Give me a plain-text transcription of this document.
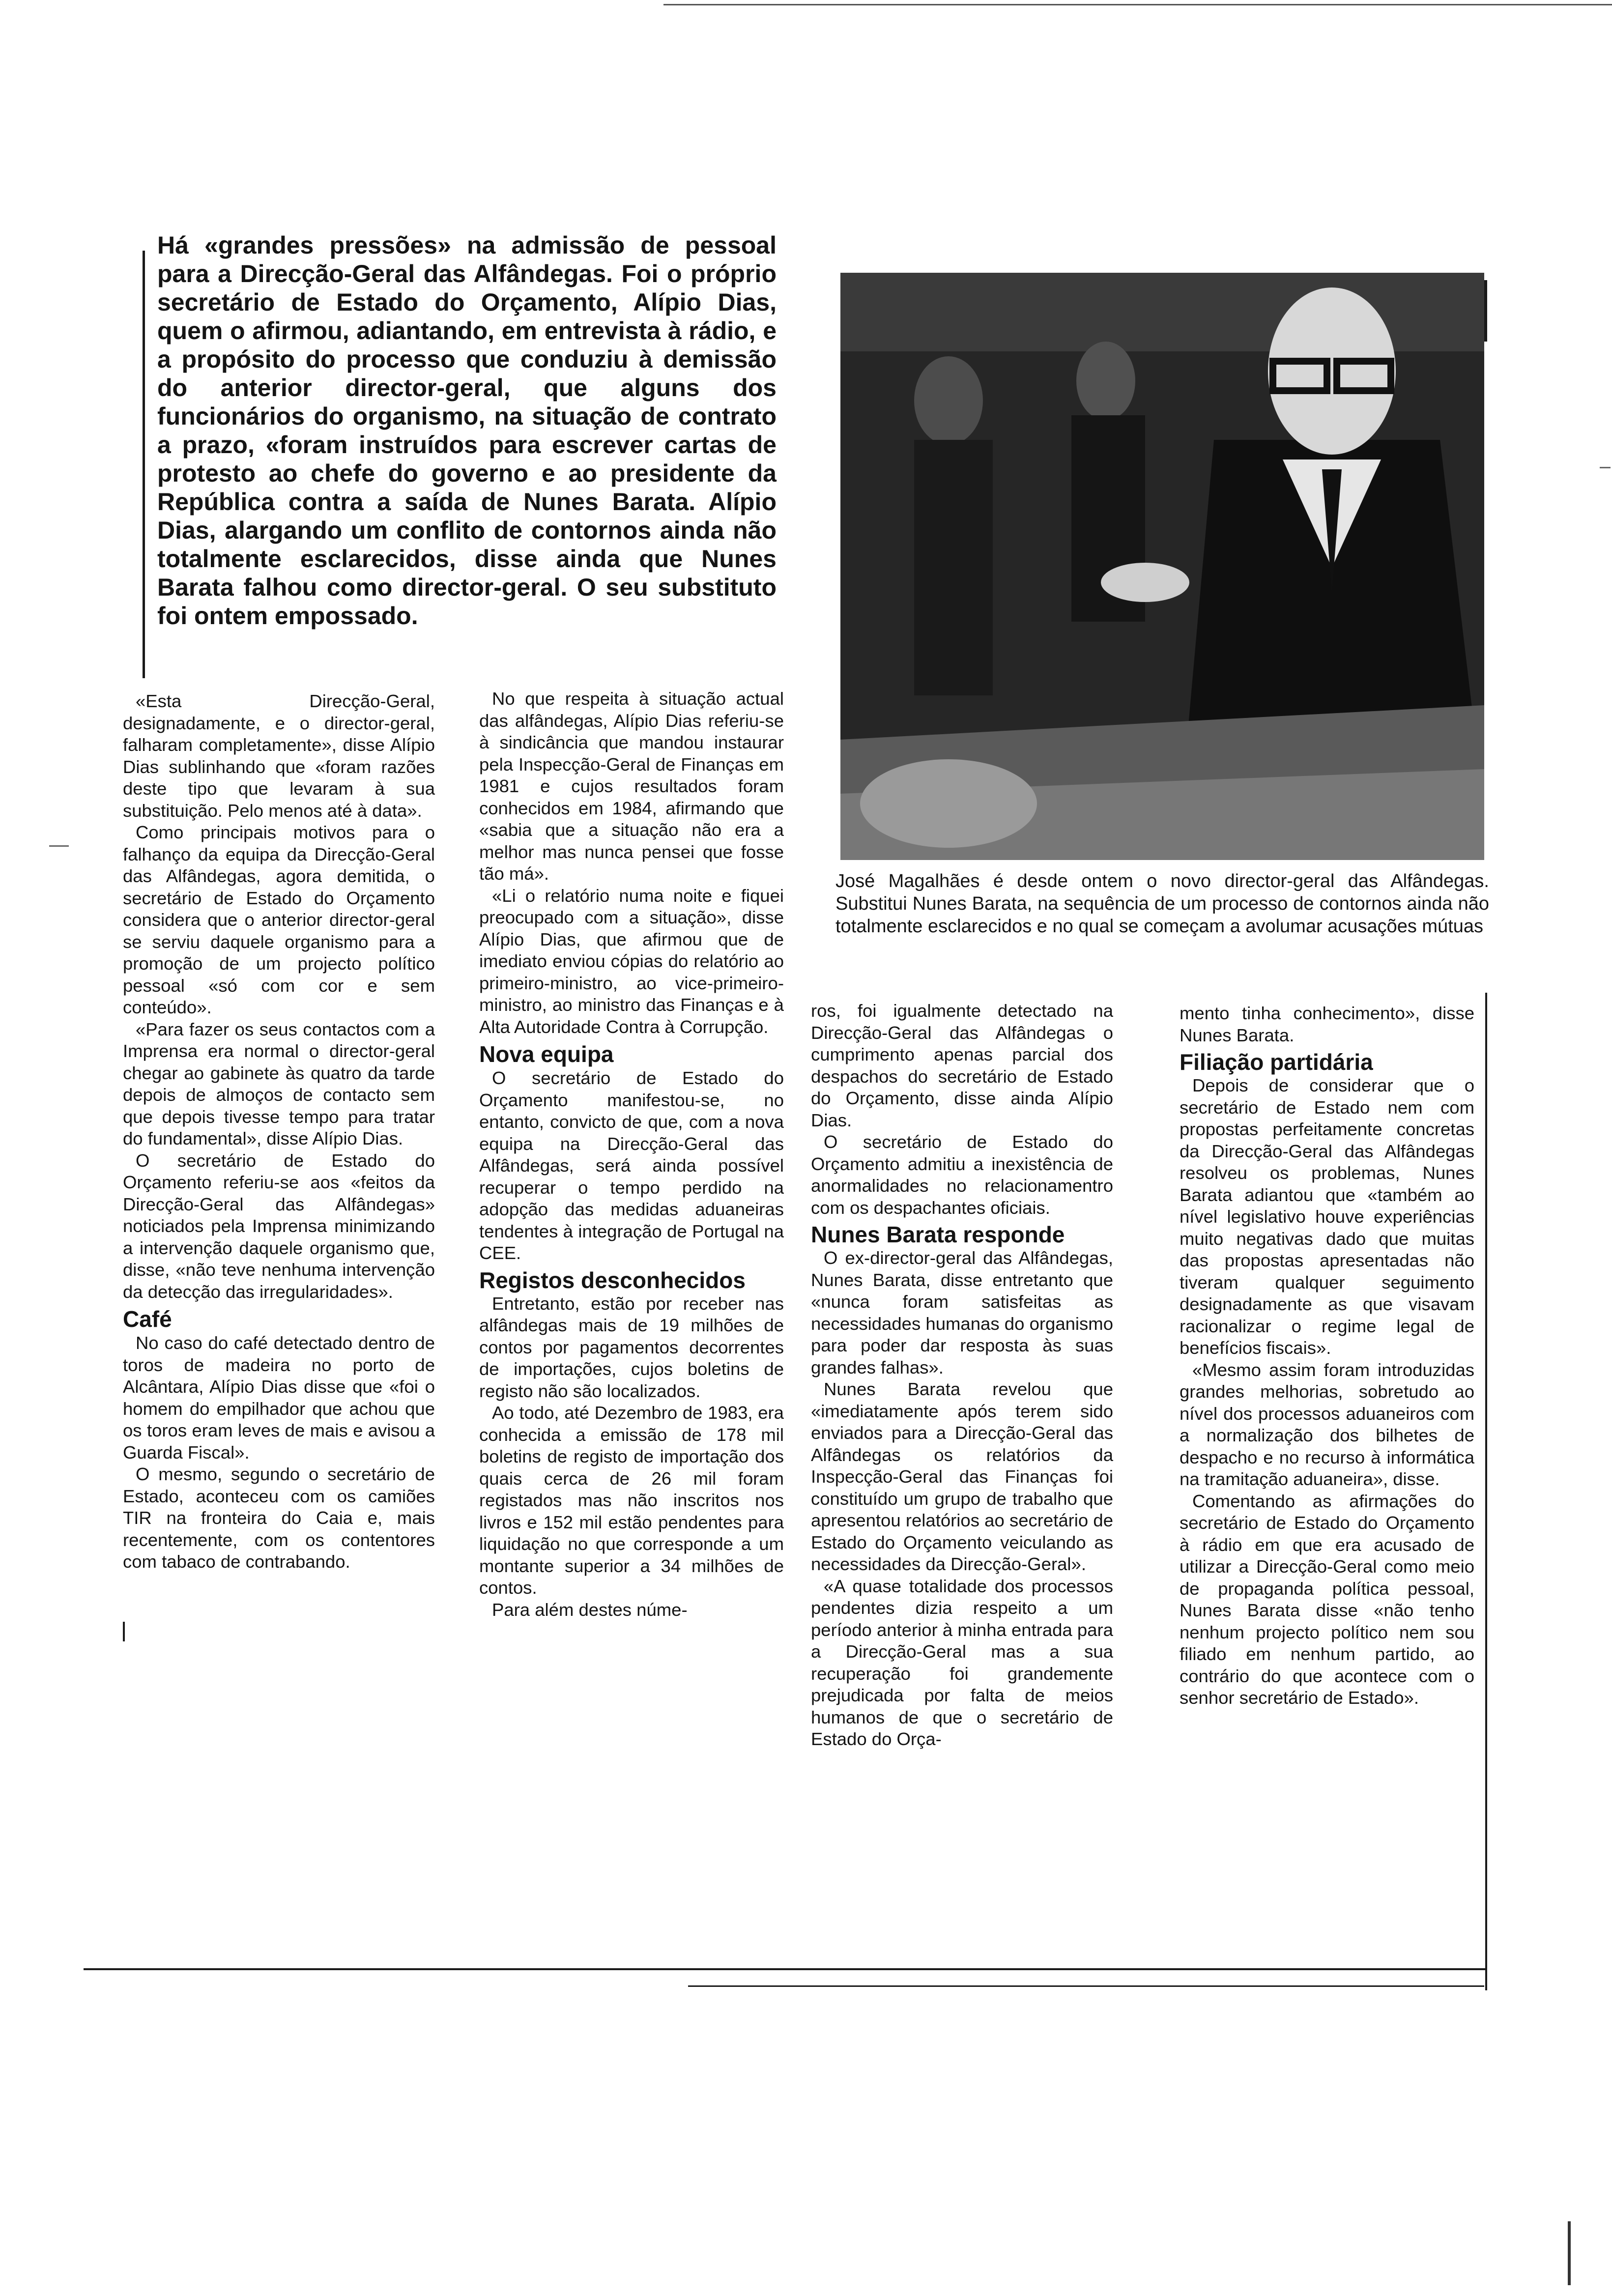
Há «grandes pressões» na admissão de pessoal para a Direcção-Geral das Alfândegas. Foi o próprio secretário de Estado do Orçamento, Alípio Dias, quem o afirmou, adiantando, em entrevista à rádio, e a propósito do processo que conduziu à demissão do anterior director-geral, que alguns dos funcionários do organismo, na situação de contrato a prazo, «foram instruídos para escrever cartas de protesto ao chefe do governo e ao presidente da República contra a saída de Nunes Barata. Alípio Dias, alargando um conflito de contornos ainda não totalmente esclarecidos, disse ainda que Nunes Barata falhou como director-geral. O seu substituto foi ontem empossado.

José Magalhães é desde ontem o novo director-geral das Alfândegas. Substitui Nunes Barata, na sequência de um processo de contornos ainda não totalmente esclarecidos e no qual se começam a avolumar acusações mútuas

«Esta Direcção-Geral, designadamente, e o director-geral, falharam completamente», disse Alípio Dias sublinhando que «foram razões deste tipo que levaram à sua substituição. Pelo menos até à data».

Como principais motivos para o falhanço da equipa da Direcção-Geral das Alfândegas, agora demitida, o secretário de Estado do Orçamento considera que o anterior director-geral se serviu daquele organismo para a promoção de um projecto político pessoal «só com cor e sem conteúdo».

«Para fazer os seus contactos com a Imprensa era normal o director-geral chegar ao gabinete às quatro da tarde depois de almoços de contacto sem que depois tivesse tempo para tratar do fundamental», disse Alípio Dias.

O secretário de Estado do Orçamento referiu-se aos «feitos da Direcção-Geral das Alfândegas» noticiados pela Imprensa minimizando a intervenção daquele organismo que, disse, «não teve nenhuma intervenção da detecção das irregularidades».

Café

No caso do café detectado dentro de toros de madeira no porto de Alcântara, Alípio Dias disse que «foi o homem do empilhador que achou que os toros eram leves de mais e avisou a Guarda Fiscal».

O mesmo, segundo o secretário de Estado, aconteceu com os camiões TIR na fronteira do Caia e, mais recentemente, com os contentores com tabaco de contrabando.

No que respeita à situação actual das alfândegas, Alípio Dias referiu-se à sindicância que mandou instaurar pela Inspecção-Geral de Finanças em 1981 e cujos resultados foram conhecidos em 1984, afirmando que «sabia que a situação não era a melhor mas nunca pensei que fosse tão má».

«Li o relatório numa noite e fiquei preocupado com a situação», disse Alípio Dias, que afirmou que de imediato enviou cópias do relatório ao primeiro-ministro, ao vice-primeiro-ministro, ao ministro das Finanças e à Alta Autoridade Contra à Corrupção.

Nova equipa

O secretário de Estado do Orçamento manifestou-se, no entanto, convicto de que, com a nova equipa na Direcção-Geral das Alfândegas, será ainda possível recuperar o tempo perdido na adopção das medidas aduaneiras tendentes à integração de Portugal na CEE.

Registos desconhecidos

Entretanto, estão por receber nas alfândegas mais de 19 milhões de contos por pagamentos decorrentes de importações, cujos boletins de registo não são localizados.

Ao todo, até Dezembro de 1983, era conhecida a emissão de 178 mil boletins de registo de importação dos quais cerca de 26 mil foram registados mas não inscritos nos livros e 152 mil estão pendentes para liquidação no que corresponde a um montante superior a 34 milhões de contos.

Para além destes núme-

ros, foi igualmente detectado na Direcção-Geral das Alfândegas o cumprimento apenas parcial dos despachos do secretário de Estado do Orçamento, disse ainda Alípio Dias.

O secretário de Estado do Orçamento admitiu a inexistência de anormalidades no relacionamentro com os despachantes oficiais.

Nunes Barata responde

O ex-director-geral das Alfândegas, Nunes Barata, disse entretanto que «nunca foram satisfeitas as necessidades humanas do organismo para poder dar resposta às suas grandes falhas».

Nunes Barata revelou que «imediatamente após terem sido enviados para a Direcção-Geral das Alfândegas os relatórios da Inspecção-Geral das Finanças foi constituído um grupo de trabalho que apresentou relatórios ao secretário de Estado do Orçamento veiculando as necessidades da Direcção-Geral».

«A quase totalidade dos processos pendentes dizia respeito a um período anterior à minha entrada para a Direcção-Geral mas a sua recuperação foi grandemente prejudicada por falta de meios humanos de que o secretário de Estado do Orça-

mento tinha conhecimento», disse Nunes Barata.

Filiação partidária

Depois de considerar que o secretário de Estado nem com propostas perfeitamente concretas da Direcção-Geral das Alfândegas resolveu os problemas, Nunes Barata adiantou que «também ao nível legislativo houve experiências muito negativas dado que muitas das propostas apresentadas não tiveram qualquer seguimento designadamente as que visavam racionalizar o regime legal de benefícios fiscais».

«Mesmo assim foram introduzidas grandes melhorias, sobretudo ao nível dos processos aduaneiros com a normalização dos bilhetes de despacho e no recurso à informática na tramitação aduaneira», disse.

Comentando as afirmações do secretário de Estado do Orçamento à rádio em que era acusado de utilizar a Direcção-Geral como meio de propaganda política pessoal, Nunes Barata disse «não tenho nenhum projecto político nem sou filiado em nenhum partido, ao contrário do que acontece com o senhor secretário de Estado».
